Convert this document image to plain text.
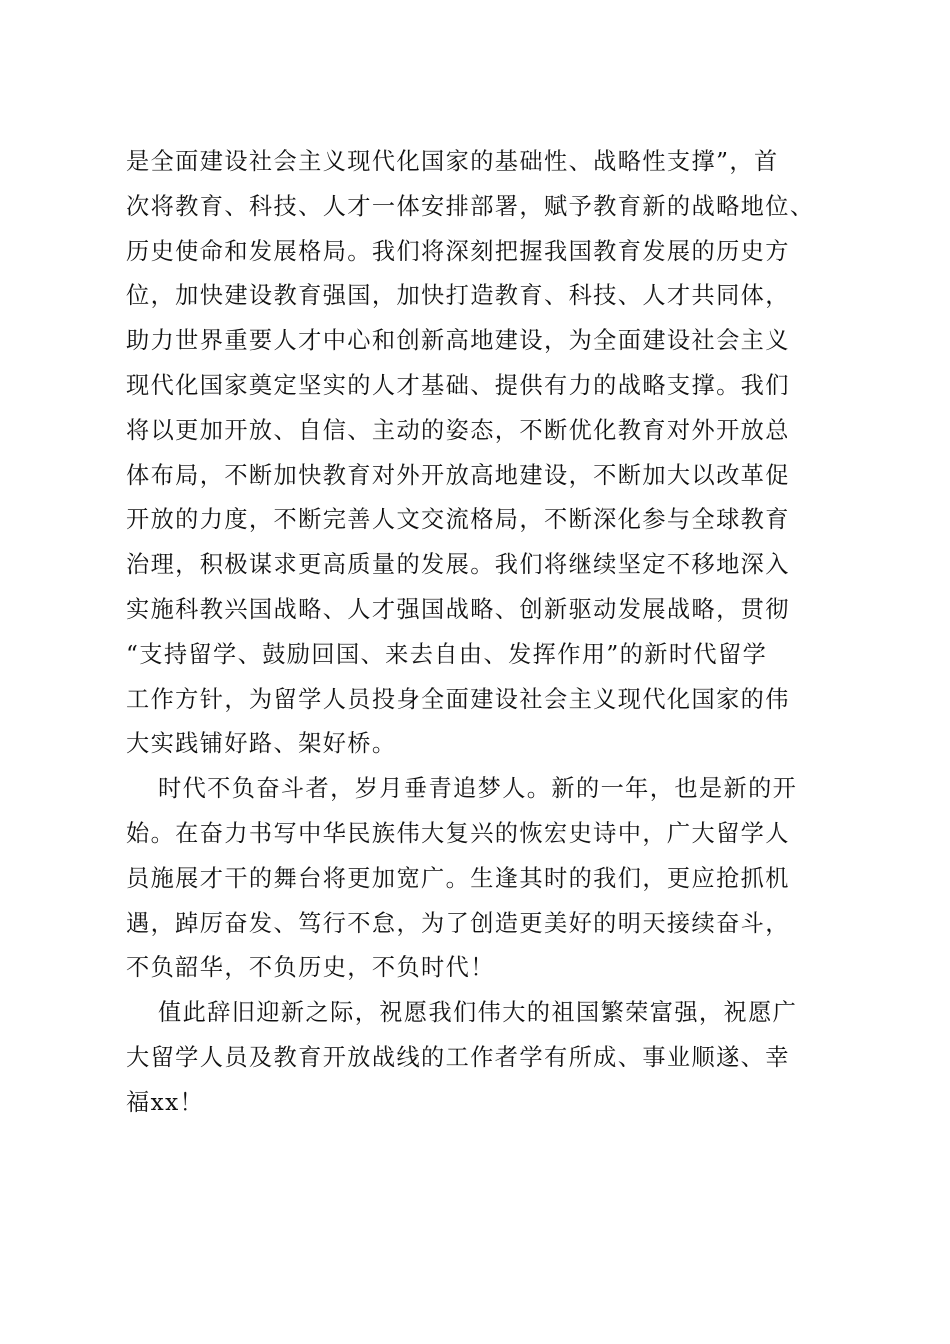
是全面建设社会主义现代化国家的基础性、战略性支撑”，首
次将教育、科技、人才一体安排部署，赋予教育新的战略地位、
历史使命和发展格局。我们将深刻把握我国教育发展的历史方
位，加快建设教育强国，加快打造教育、科技、人才共同体，
助力世界重要人才中心和创新高地建设，为全面建设社会主义
现代化国家奠定坚实的人才基础、提供有力的战略支撑。我们
将以更加开放、自信、主动的姿态，不断优化教育对外开放总
体布局，不断加快教育对外开放高地建设，不断加大以改革促
开放的力度，不断完善人文交流格局，不断深化参与全球教育
治理，积极谋求更高质量的发展。我们将继续坚定不移地深入
实施科教兴国战略、人才强国战略、创新驱动发展战略，贯彻
“支持留学、鼓励回国、来去自由、发挥作用”的新时代留学
工作方针，为留学人员投身全面建设社会主义现代化国家的伟
大实践铺好路、架好桥。
时代不负奋斗者，岁月垂青追梦人。新的一年，也是新的开
始。在奋力书写中华民族伟大复兴的恢宏史诗中，广大留学人
员施展才干的舞台将更加宽广。生逢其时的我们，更应抢抓机
遇，踔厉奋发、笃行不怠，为了创造更美好的明天接续奋斗，
不负韶华，不负历史，不负时代！
值此辞旧迎新之际，祝愿我们伟大的祖国繁荣富强，祝愿广
大留学人员及教育开放战线的工作者学有所成、事业顺遂、幸
福xx！
